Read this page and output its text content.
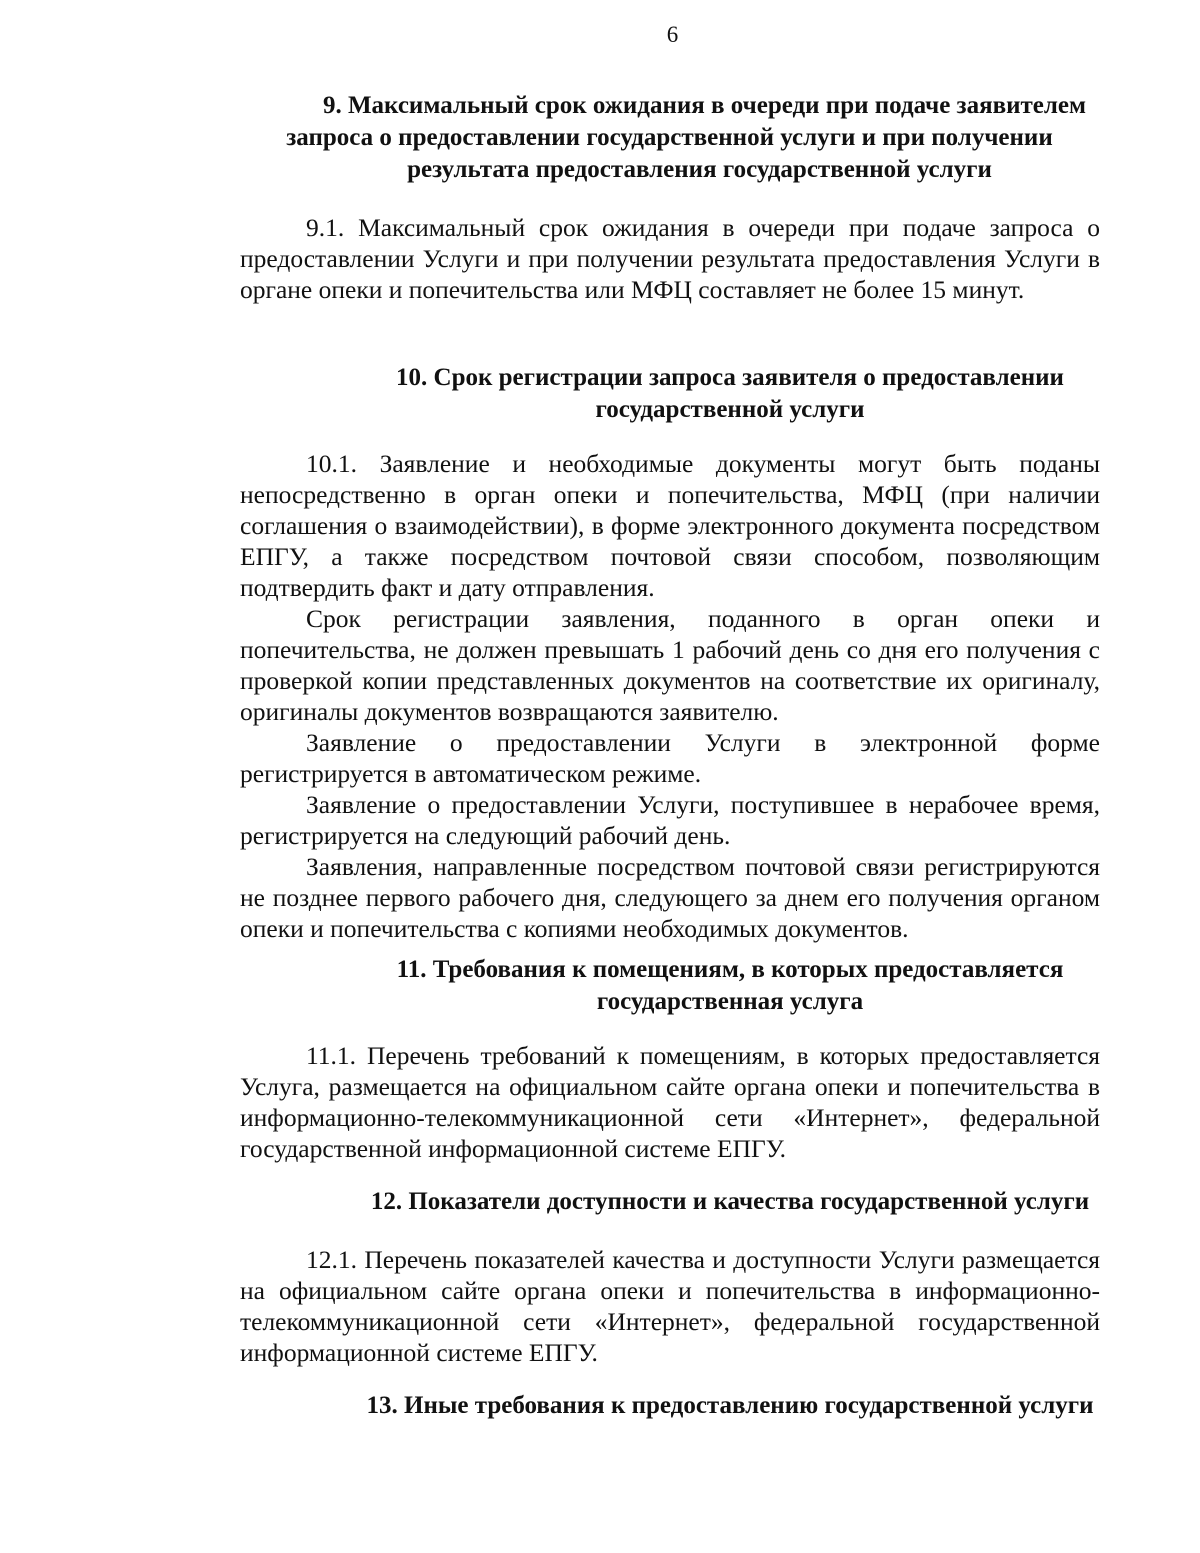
6
9. Максимальный срок ожидания в очереди при подаче заявителем
запроса о предоставлении государственной услуги и при получении
результата предоставления государственной услуги

9.1. Максимальный срок ожидания в очереди при подаче запроса о предоставлении Услуги и при получении результата предоставления Услуги в органе опеки и попечительства или МФЦ составляет не более 15 минут.

10. Срок регистрации запроса заявителя о предоставлении
государственной услуги

10.1. Заявление и необходимые документы могут быть поданы непосредственно в орган опеки и попечительства, МФЦ (при наличии соглашения о взаимодействии), в форме электронного документа посредством ЕПГУ, а также посредством почтовой связи способом, позволяющим подтвердить факт и дату отправления.

Срок регистрации заявления, поданного в орган опеки и попечительства, не должен превышать 1 рабочий день со дня его получения с проверкой копии представленных документов на соответствие их оригиналу, оригиналы документов возвращаются заявителю.

Заявление о предоставлении Услуги в электронной форме регистрируется в автоматическом режиме.

Заявление о предоставлении Услуги, поступившее в нерабочее время, регистрируется на следующий рабочий день.

Заявления, направленные посредством почтовой связи регистрируются не позднее первого рабочего дня, следующего за днем его получения органом опеки и попечительства с копиями необходимых документов.

11. Требования к помещениям, в которых предоставляется
государственная услуга

11.1. Перечень требований к помещениям, в которых предоставляется Услуга, размещается на официальном сайте органа опеки и попечительства в информационно-телекоммуникационной сети «Интернет», федеральной государственной информационной системе ЕПГУ.

12. Показатели доступности и качества государственной услуги

12.1. Перечень показателей качества и доступности Услуги размещается на официальном сайте органа опеки и попечительства в информационно-телекоммуникационной сети «Интернет», федеральной государственной информационной системе ЕПГУ.

13. Иные требования к предоставлению государственной услуги
